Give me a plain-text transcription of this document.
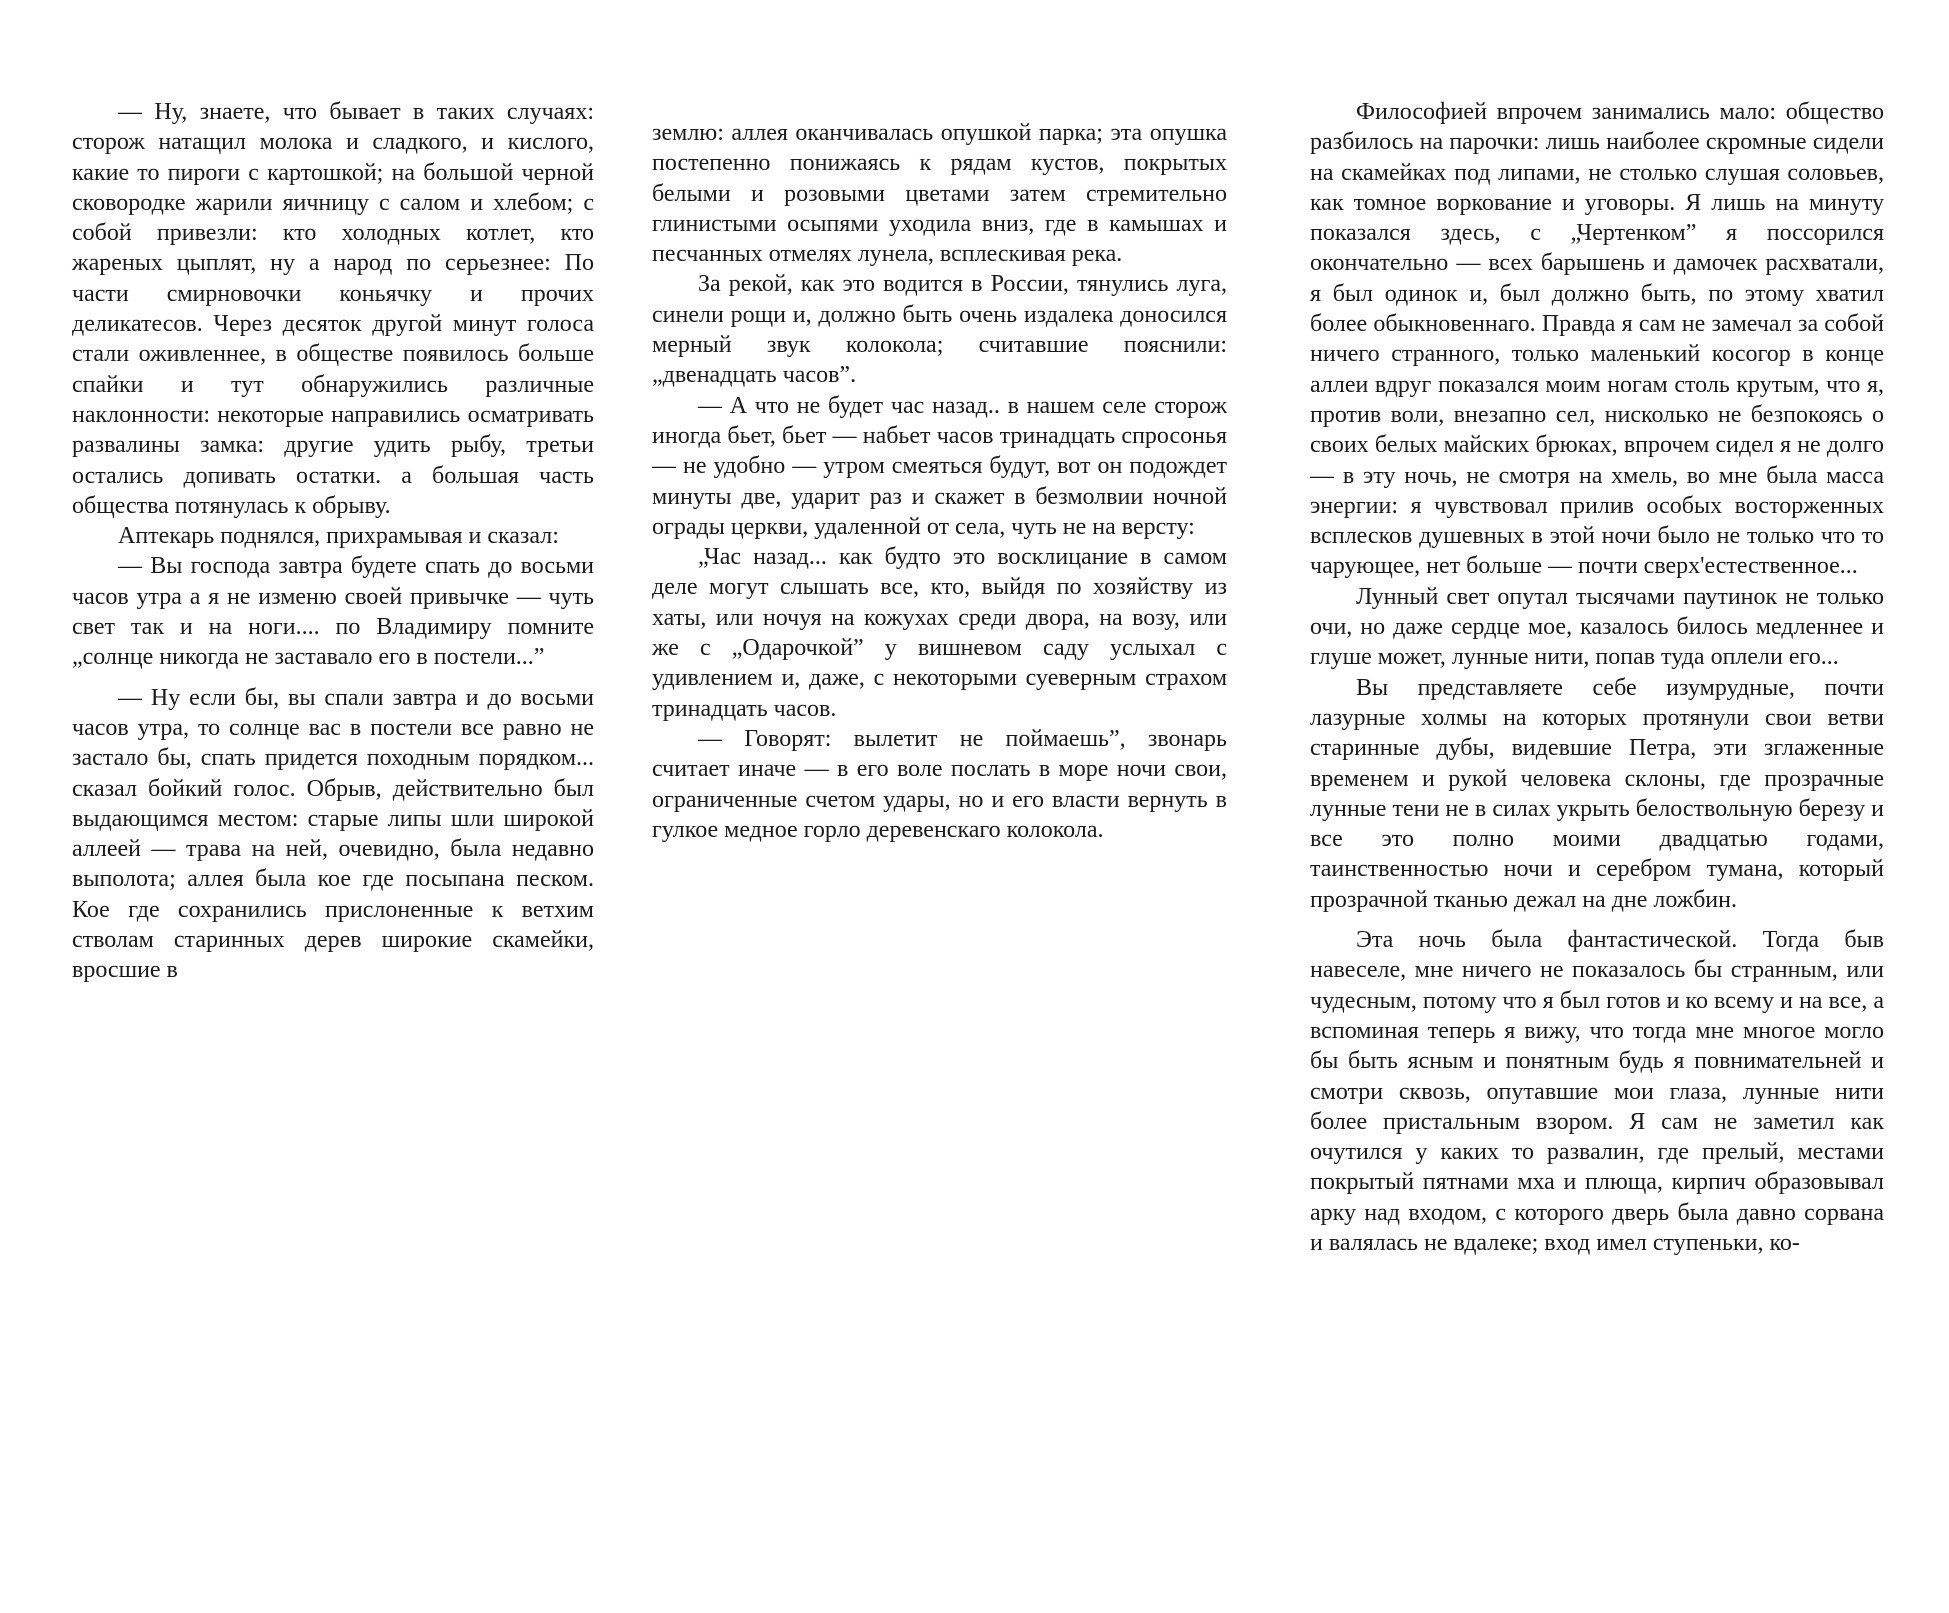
— Ну, знаете, что бывает в таких случаях: сторож натащил молока и сладкого, и кислого, какие то пироги с картошкой; на большой черной сковородке жарили яичницу с салом и хлебом; с собой привезли: кто холодных котлет, кто жареных цыплят, ну а народ по серьезнее: По части смирновочки коньячку и прочих деликатесов. Через десяток другой минут голоса стали оживленнее, в обществе появилось больше спайки и тут обнаружились различные наклонности: некоторые направились осматривать развалины замка: другие удить рыбу, третьи остались допивать остатки. а большая часть общества потянулась к обрыву.

Аптекарь поднялся, прихрамывая и сказал:

— Вы господа завтра будете спать до восьми часов утра а я не изменю своей привычке — чуть свет так и на ноги.... по Владимиру помните „солнце никогда не заставало его в постели...”

— Ну если бы, вы спали завтра и до восьми часов утра, то солнце вас в постели все равно не застало бы, спать придется походным порядком... сказал бойкий голос. Обрыв, действительно был выдающимся местом: старые липы шли широкой аллеей — трава на ней, очевидно, была недавно выполота; аллея была кое где посыпана песком. Кое где сохранились прислоненные к ветхим стволам старинных дерев широкие скамейки, вросшие в

землю: аллея оканчивалась опушкой парка; эта опушка постепенно понижаясь к рядам кустов, покрытых белыми и розовыми цветами затем стремительно глинистыми осыпями уходила вниз, где в камышах и песчанных отмелях лунела, всплескивая река.

За рекой, как это водится в России, тянулись луга, синели рощи и, должно быть очень издалека доносился мерный звук колокола; считавшие пояснили: „двенадцать часов”.

— А что не будет час назад.. в нашем селе сторож иногда бьет, бьет — набьет часов тринадцать спросонья — не удобно — утром смеяться будут, вот он подождет минуты две, ударит раз и скажет в безмолвии ночной ограды церкви, удаленной от села, чуть не на версту:

„Час назад... как будто это восклицание в самом деле могут слышать все, кто, выйдя по хозяйству из хаты, или ночуя на кожухах среди двора, на возу, или же с „Одарочкой” у вишневом саду услыхал с удивлением и, даже, с некоторыми суеверным страхом тринадцать часов.

— Говорят: вылетит не поймаешь”, звонарь считает иначе — в его воле послать в море ночи свои, ограниченные счетом удары, но и его власти вернуть в гулкое медное горло деревенскаго колокола.

Философией впрочем занимались мало: общество разбилось на парочки: лишь наиболее скромные сидели на скамейках под липами, не столько слушая соловьев, как томное воркование и уговоры. Я лишь на минуту показался здесь, с „Чертенком” я поссорился окончательно — всех барышень и дамочек расхватали, я был одинок и, был должно быть, по этому хватил более обыкновеннаго. Правда я сам не замечал за собой ничего странного, только маленький косогор в конце аллеи вдруг показался моим ногам столь крутым, что я, против воли, внезапно сел, нисколько не безпокоясь о своих белых майских брюках, впрочем сидел я не долго — в эту ночь, не смотря на хмель, во мне была масса энергии: я чувствовал прилив особых восторженных всплесков душевных в этой ночи было не только что то чарующее, нет больше — почти сверх'естественное...

Лунный свет опутал тысячами паутинок не только очи, но даже сердце мое, казалось билось медленнее и глуше может, лунные нити, попав туда оплели его...

Вы представляете себе изумрудные, почти лазурные холмы на которых протянули свои ветви старинные дубы, видевшие Петра, эти зглаженные временем и рукой человека склоны, где прозрачные лунные тени не в силах укрыть белоствольную березу и все это полно моими двадцатью годами, таинственностью ночи и серебром тумана, который прозрачной тканью дежал на дне ложбин.

Эта ночь была фантастической. Тогда быв навеселе, мне ничего не показалось бы странным, или чудесным, потому что я был готов и ко всему и на все, а вспоминая теперь я вижу, что тогда мне многое могло бы быть ясным и понятным будь я повнимательней и смотри сквозь, опутавшие мои глаза, лунные нити более пристальным взором. Я сам не заметил как очутился у каких то развалин, где прелый, местами покрытый пятнами мха и плюща, кирпич образовывал арку над входом, с которого дверь была давно сорвана и валялась не вдалеке; вход имел ступеньки, ко-
